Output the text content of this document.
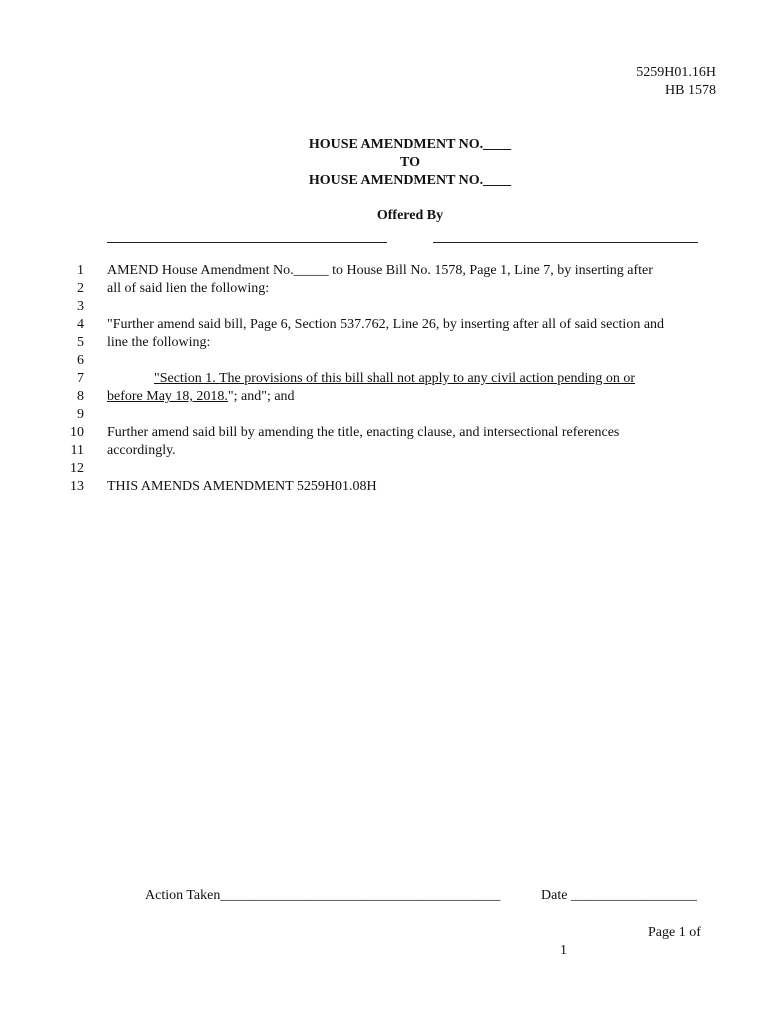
5259H01.16H
HB 1578
HOUSE AMENDMENT NO.____
TO
HOUSE AMENDMENT NO.____
Offered By
1 AMEND House Amendment No._____ to House Bill No. 1578, Page 1, Line 7, by inserting after
2 all of said lien the following:
3
4 "Further amend said bill, Page 6, Section 537.762, Line 26, by inserting after all of said section and
5 line the following:
6
7	"Section 1. The provisions of this bill shall not apply to any civil action pending on or
8 before May 18, 2018."; and"; and
9
10 Further amend said bill by amending the title, enacting clause, and intersectional references
11 accordingly.
12
13 THIS AMENDS AMENDMENT 5259H01.08H
Action Taken________________________________________	Date __________________
Page 1 of
1
